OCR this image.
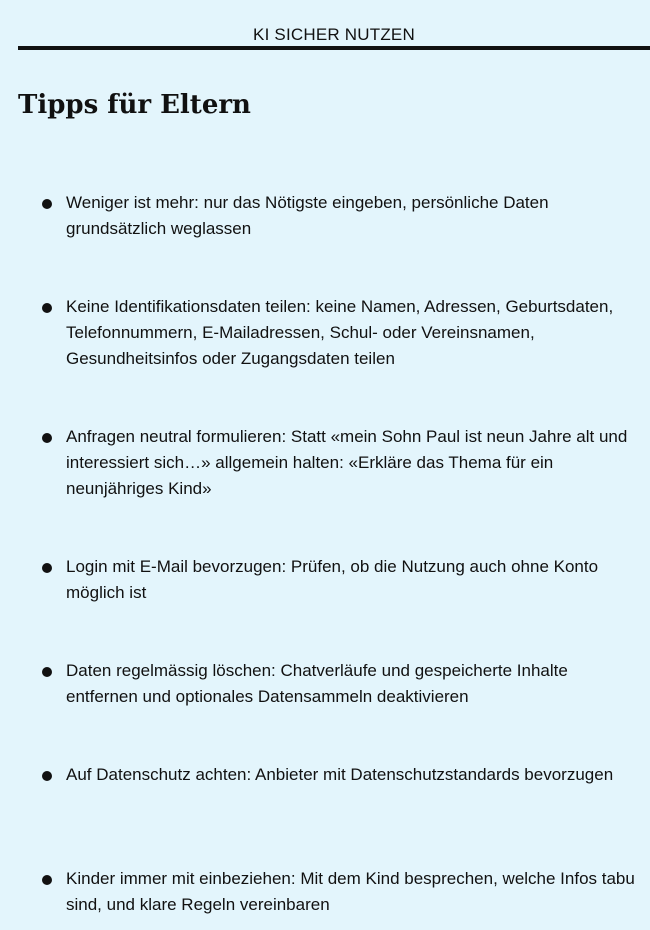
KI SICHER NUTZEN
Tipps für Eltern
Weniger ist mehr: nur das Nötigste eingeben, persönliche Daten grundsätzlich weglassen
Keine Identifikationsdaten teilen: keine Namen, Adressen, Geburtsdaten, Telefonnummern, E-Mailadressen, Schul- oder Vereinsnamen, Gesundheitsinfos oder Zugangsdaten teilen
Anfragen neutral formulieren: Statt «mein Sohn Paul ist neun Jahre alt und interessiert sich…» allgemein halten: «Erkläre das Thema für ein neunjähriges Kind»
Login mit E-Mail bevorzugen: Prüfen, ob die Nutzung auch ohne Konto möglich ist
Daten regelmässig löschen: Chatverläufe und gespeicherte Inhalte entfernen und optionales Datensammeln deaktivieren
Auf Datenschutz achten: Anbieter mit Datenschutzstandards bevorzugen
Kinder immer mit einbeziehen: Mit dem Kind besprechen, welche Infos tabu sind, und klare Regeln vereinbaren
